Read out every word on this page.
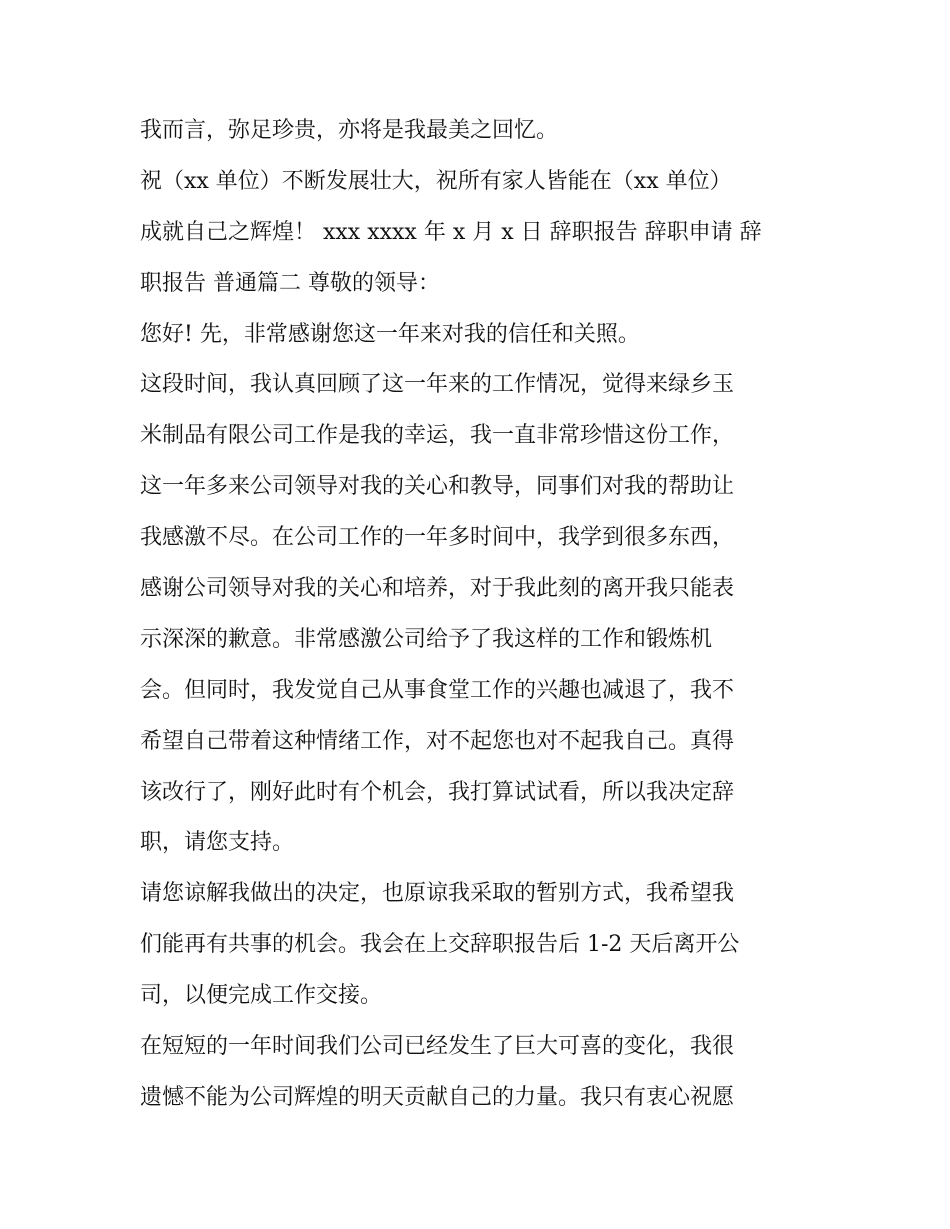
我而言，弥足珍贵，亦将是我最美之回忆。
祝（xx 单位）不断发展壮大，祝所有家人皆能在（xx 单位）
成就自己之辉煌！ xxx xxxx 年 x 月 x 日 辞职报告 辞职申请 辞
职报告 普通篇二 尊敬的领导：
您好! 先，非常感谢您这一年来对我的信任和关照。
这段时间，我认真回顾了这一年来的工作情况，觉得来绿乡玉
米制品有限公司工作是我的幸运，我一直非常珍惜这份工作，
这一年多来公司领导对我的关心和教导，同事们对我的帮助让
我感激不尽。在公司工作的一年多时间中，我学到很多东西，
感谢公司领导对我的关心和培养，对于我此刻的离开我只能表
示深深的歉意。非常感激公司给予了我这样的工作和锻炼机
会。但同时，我发觉自己从事食堂工作的兴趣也减退了，我不
希望自己带着这种情绪工作，对不起您也对不起我自己。真得
该改行了，刚好此时有个机会，我打算试试看，所以我决定辞
职，请您支持。
请您谅解我做出的决定，也原谅我采取的暂别方式，我希望我
们能再有共事的机会。我会在上交辞职报告后 1-2 天后离开公
司，以便完成工作交接。
在短短的一年时间我们公司已经发生了巨大可喜的变化，我很
遗憾不能为公司辉煌的明天贡献自己的力量。我只有衷心祝愿
